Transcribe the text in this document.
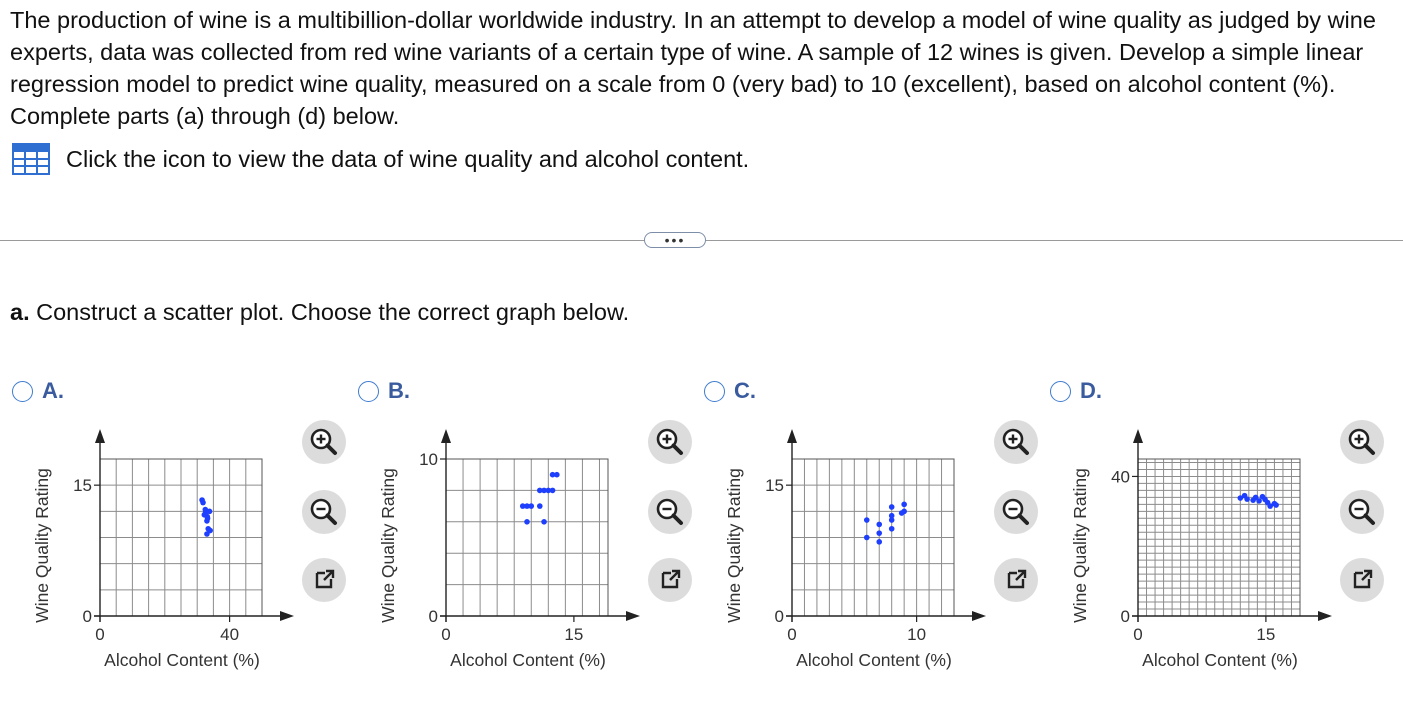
The production of wine is a multibillion-dollar worldwide industry. In an attempt to develop a model of wine quality as judged by wine experts, data was collected from red wine variants of a certain type of wine. A sample of 12 wines is given. Develop a simple linear regression model to predict wine quality, measured on a scale from 0 (very bad) to 10 (excellent), based on alcohol content (%). Complete parts (a) through (d) below.

Click the icon to view the data of wine quality and alcohol content.
•••
a. Construct a scatter plot. Choose the correct graph below.
A.
0	40
0
15
Alcohol Content (%)
Wine Quality Rating
B.
0	15
0
10
Alcohol Content (%)
Wine Quality Rating
C.
0	10
0
15
Alcohol Content (%)
Wine Quality Rating
D.
0	15
0
40
Alcohol Content (%)
Wine Quality Rating
